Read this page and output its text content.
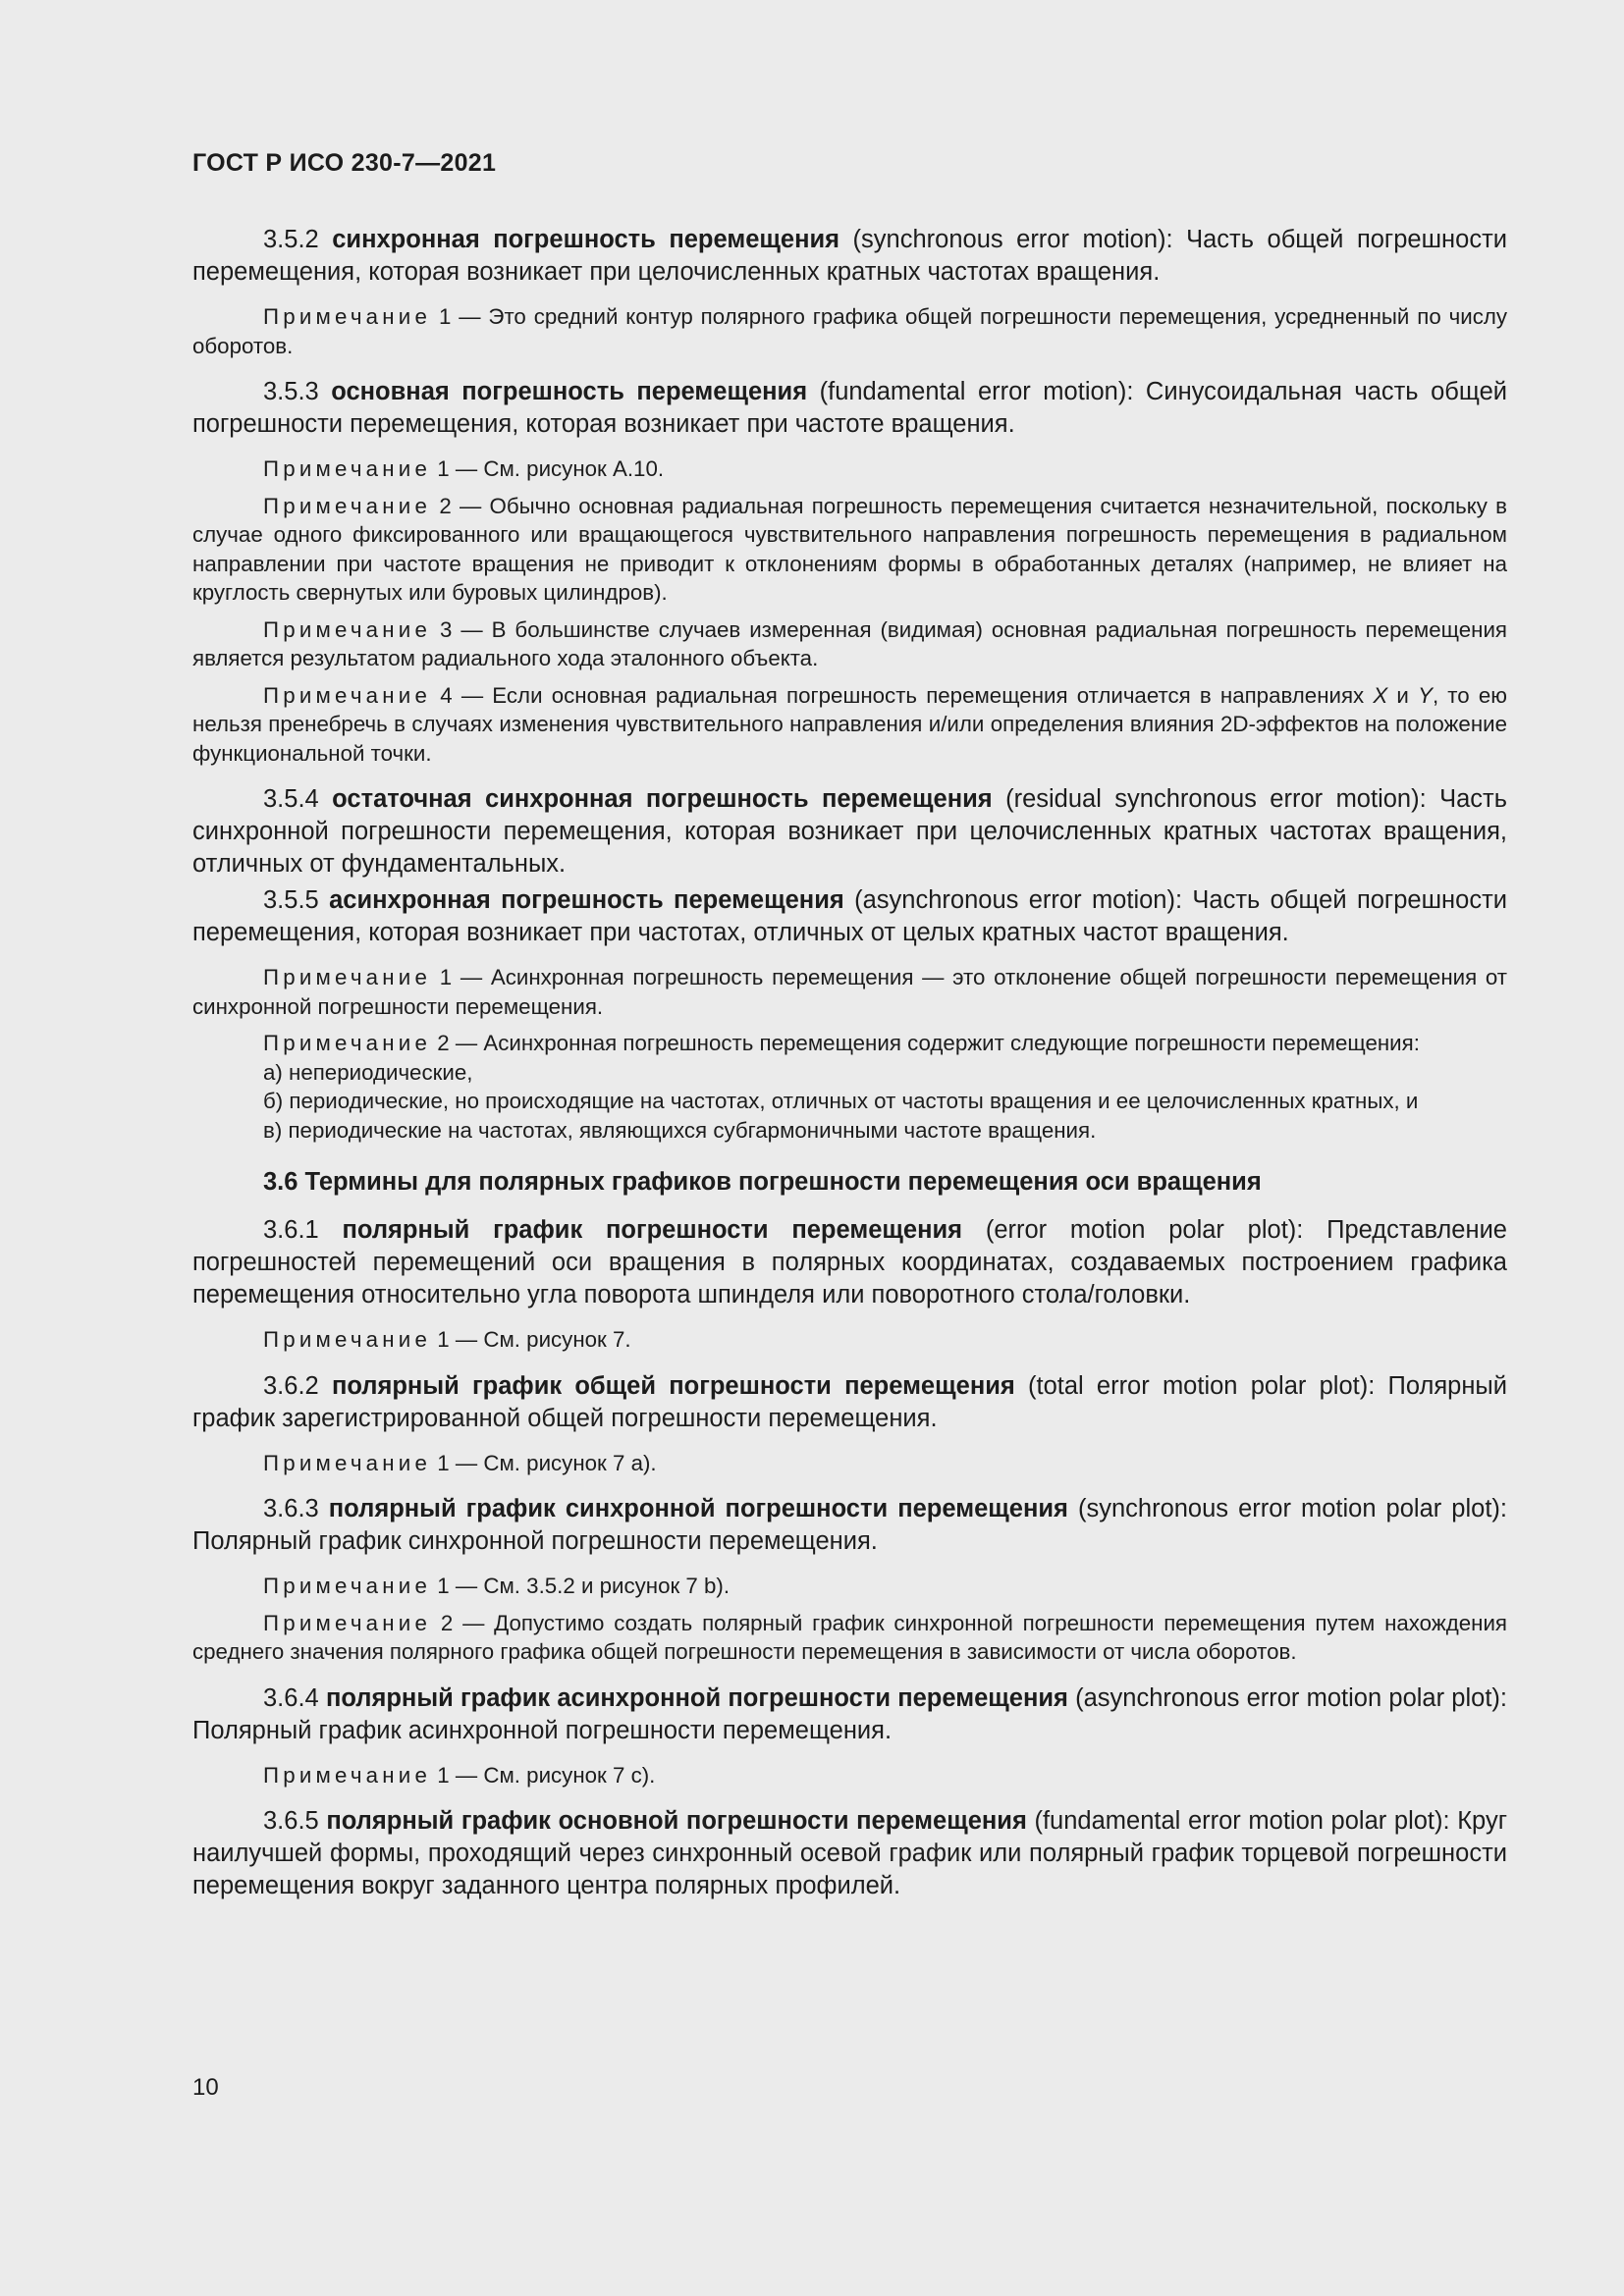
ГОСТ Р ИСО 230-7—2021

3.5.2 синхронная погрешность перемещения (synchronous error motion): Часть общей погрешности перемещения, которая возникает при целочисленных кратных частотах вращения.

Примечание 1 — Это средний контур полярного графика общей погрешности перемещения, усредненный по числу оборотов.

3.5.3 основная погрешность перемещения (fundamental error motion): Синусоидальная часть общей погрешности перемещения, которая возникает при частоте вращения.

Примечание 1 — См. рисунок А.10.

Примечание 2 — Обычно основная радиальная погрешность перемещения считается незначительной, поскольку в случае одного фиксированного или вращающегося чувствительного направления погрешность перемещения в радиальном направлении при частоте вращения не приводит к отклонениям формы в обработанных деталях (например, не влияет на круглость свернутых или буровых цилиндров).

Примечание 3 — В большинстве случаев измеренная (видимая) основная радиальная погрешность перемещения является результатом радиального хода эталонного объекта.

Примечание 4 — Если основная радиальная погрешность перемещения отличается в направлениях X и Y, то ею нельзя пренебречь в случаях изменения чувствительного направления и/или определения влияния 2D-эффектов на положение функциональной точки.

3.5.4 остаточная синхронная погрешность перемещения (residual synchronous error motion): Часть синхронной погрешности перемещения, которая возникает при целочисленных кратных частотах вращения, отличных от фундаментальных.

3.5.5 асинхронная погрешность перемещения (asynchronous error motion): Часть общей погрешности перемещения, которая возникает при частотах, отличных от целых кратных частот вращения.

Примечание 1 — Асинхронная погрешность перемещения — это отклонение общей погрешности перемещения от синхронной погрешности перемещения.

Примечание 2 — Асинхронная погрешность перемещения содержит следующие погрешности перемещения:

а) непериодические,

б) периодические, но происходящие на частотах, отличных от частоты вращения и ее целочисленных кратных, и

в) периодические на частотах, являющихся субгармоничными частоте вращения.

3.6 Термины для полярных графиков погрешности перемещения оси вращения

3.6.1 полярный график погрешности перемещения (error motion polar plot): Представление погрешностей перемещений оси вращения в полярных координатах, создаваемых построением графика перемещения относительно угла поворота шпинделя или поворотного стола/головки.

Примечание 1 — См. рисунок 7.

3.6.2 полярный график общей погрешности перемещения (total error motion polar plot): Полярный график зарегистрированной общей погрешности перемещения.

Примечание 1 — См. рисунок 7 а).

3.6.3 полярный график синхронной погрешности перемещения (synchronous error motion polar plot): Полярный график синхронной погрешности перемещения.

Примечание 1 — См. 3.5.2 и рисунок 7 b).

Примечание 2 — Допустимо создать полярный график синхронной погрешности перемещения путем нахождения среднего значения полярного графика общей погрешности перемещения в зависимости от числа оборотов.

3.6.4 полярный график асинхронной погрешности перемещения (asynchronous error motion polar plot): Полярный график асинхронной погрешности перемещения.

Примечание 1 — См. рисунок 7 с).

3.6.5 полярный график основной погрешности перемещения (fundamental error motion polar plot): Круг наилучшей формы, проходящий через синхронный осевой график или полярный график торцевой погрешности перемещения вокруг заданного центра полярных профилей.

10
